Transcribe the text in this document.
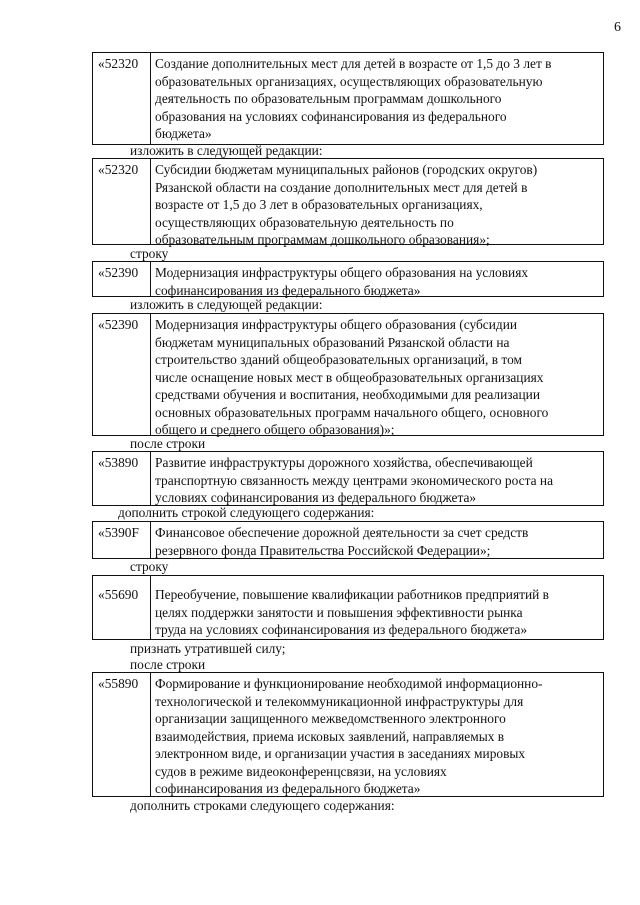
6
«52320	Создание дополнительных мест для детей в возрасте от 1,5 до 3 лет в
образовательных организациях, осуществляющих образовательную
деятельность по образовательным программам дошкольного
образования на условиях софинансирования из федерального
бюджета»
изложить в следующей редакции:
«52320	Субсидии бюджетам муниципальных районов (городских округов)
Рязанской области на создание дополнительных мест для детей в
возрасте от 1,5 до 3 лет в образовательных организациях,
осуществляющих образовательную деятельность по
образовательным программам дошкольного образования»;
строку
«52390	Модернизация инфраструктуры общего образования на условиях
софинансирования из федерального бюджета»
изложить в следующей редакции:
«52390	Модернизация инфраструктуры общего образования (субсидии
бюджетам муниципальных образований Рязанской области на
строительство зданий общеобразовательных организаций, в том
числе оснащение новых мест в общеобразовательных организациях
средствами обучения и воспитания, необходимыми для реализации
основных образовательных программ начального общего, основного
общего и среднего общего образования)»;
после строки
«53890	Развитие инфраструктуры дорожного хозяйства, обеспечивающей
транспортную связанность между центрами экономического роста на
условиях софинансирования из федерального бюджета»
дополнить строкой следующего содержания:
«5390F	Финансовое обеспечение дорожной деятельности за счет средств
резервного фонда Правительства Российской Федерации»;
строку
«55690	Переобучение, повышение квалификации работников предприятий в
целях поддержки занятости и повышения эффективности рынка
труда на условиях софинансирования из федерального бюджета»
признать утратившей силу;
после строки
«55890	Формирование и функционирование необходимой информационно-
технологической и телекоммуникационной инфраструктуры для
организации защищенного межведомственного электронного
взаимодействия, приема исковых заявлений, направляемых в
электронном виде, и организации участия в заседаниях мировых
судов в режиме видеоконференцсвязи, на условиях
софинансирования из федерального бюджета»
дополнить строками следующего содержания:
